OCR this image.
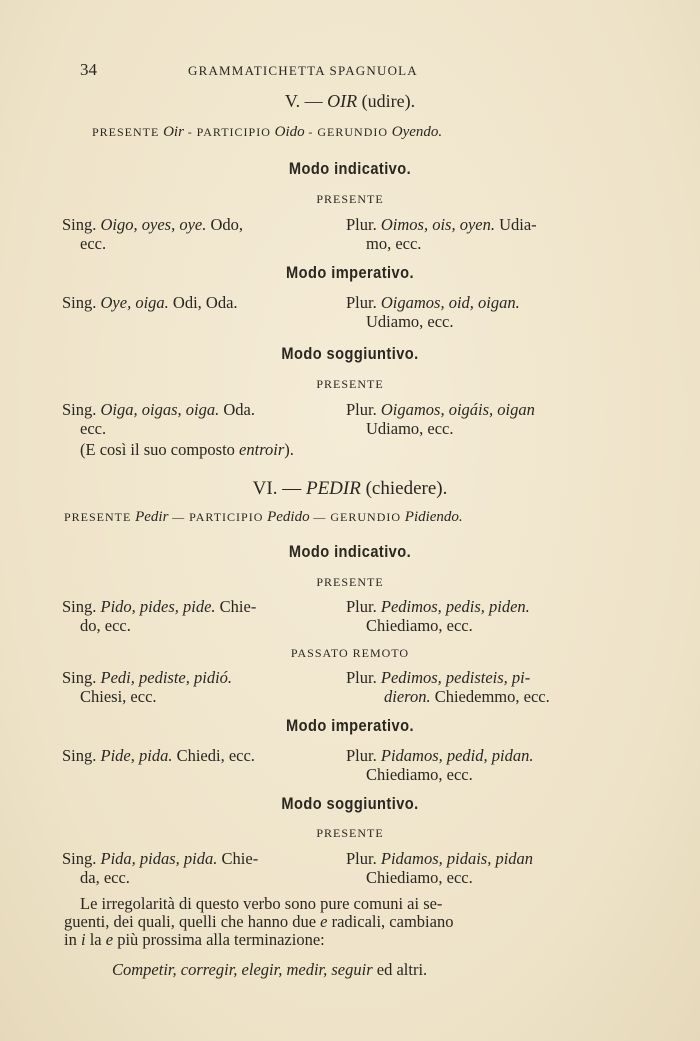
34	GRAMMATICHETTA SPAGNUOLA
V. — OIR (udire).
PRESENTE Oir - PARTICIPIO Oido - GERUNDIO Oyendo.
Modo indicativo.
PRESENTE
Sing. Oigo, oyes, oye. Odo,
ecc.
Plur. Oimos, ois, oyen. Udia-
mo, ecc.
Modo imperativo.
Sing. Oye, oiga. Odi, Oda.	Plur. Oigamos, oid, oigan.
Udiamo, ecc.
Modo soggiuntivo.
PRESENTE
Sing. Oiga, oigas, oiga. Oda.
ecc.
Plur. Oigamos, oigáis, oigan
Udiamo, ecc.
(E così il suo composto entroir).
VI. — PEDIR (chiedere).
PRESENTE Pedir — PARTICIPIO Pedido — GERUNDIO Pidiendo.
Modo indicativo.
PRESENTE
Sing. Pido, pides, pide. Chie-
do, ecc.
Plur. Pedimos, pedis, piden.
Chiediamo, ecc.
PASSATO REMOTO
Sing. Pedi, pediste, pidió.
Chiesi, ecc.
Plur. Pedimos, pedisteis, pi-
dieron. Chiedemmo, ecc.
Modo imperativo.
Sing. Pide, pida. Chiedi, ecc.	Plur. Pidamos, pedid, pidan.
Chiediamo, ecc.
Modo soggiuntivo.
PRESENTE
Sing. Pida, pidas, pida. Chie-
da, ecc.
Plur. Pidamos, pidais, pidan
Chiediamo, ecc.
Le irregolarità di questo verbo sono pure comuni ai se-
guenti, dei quali, quelli che hanno due e radicali, cambiano
in i la e più prossima alla terminazione:
Competir, corregir, elegir, medir, seguir ed altri.
